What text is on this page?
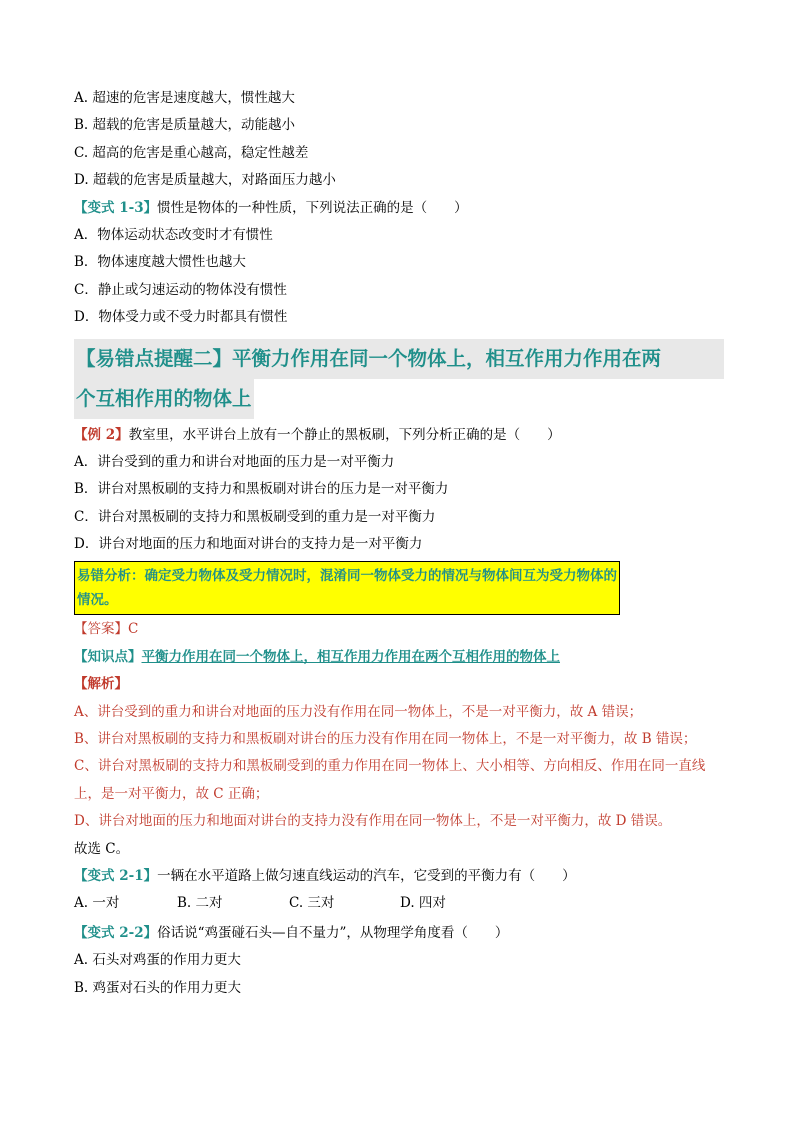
A. 超速的危害是速度越大，惯性越大
B. 超载的危害是质量越大，动能越小
C. 超高的危害是重心越高，稳定性越差
D. 超载的危害是质量越大，对路面压力越小
【变式 1-3】惯性是物体的一种性质，下列说法正确的是（　　）
A．物体运动状态改变时才有惯性
B．物体速度越大惯性也越大
C．静止或匀速运动的物体没有惯性
D．物体受力或不受力时都具有惯性
【易错点提醒二】平衡力作用在同一个物体上，相互作用力作用在两
个互相作用的物体上
【例 2】教室里，水平讲台上放有一个静止的黑板刷，下列分析正确的是（　　）
A．讲台受到的重力和讲台对地面的压力是一对平衡力
B．讲台对黑板刷的支持力和黑板刷对讲台的压力是一对平衡力
C．讲台对黑板刷的支持力和黑板刷受到的重力是一对平衡力
D．讲台对地面的压力和地面对讲台的支持力是一对平衡力
易错分析：确定受力物体及受力情况时，混淆同一物体受力的情况与物体间互为受力物体的
情况。
【答案】C
【知识点】平衡力作用在同一个物体上，相互作用力作用在两个互相作用的物体上
【解析】
A、讲台受到的重力和讲台对地面的压力没有作用在同一物体上，不是一对平衡力，故 A 错误；
B、讲台对黑板刷的支持力和黑板刷对讲台的压力没有作用在同一物体上，不是一对平衡力，故 B 错误；
C、讲台对黑板刷的支持力和黑板刷受到的重力作用在同一物体上、大小相等、方向相反、作用在同一直线
上，是一对平衡力，故 C 正确；
D、讲台对地面的压力和地面对讲台的支持力没有作用在同一物体上，不是一对平衡力，故 D 错误。
故选 C。
【变式 2-1】一辆在水平道路上做匀速直线运动的汽车，它受到的平衡力有（　　）
A. 一对	B. 二对	C. 三对	D. 四对
【变式 2-2】俗话说“鸡蛋碰石头—自不量力”，从物理学角度看（　　）
A. 石头对鸡蛋的作用力更大
B. 鸡蛋对石头的作用力更大
